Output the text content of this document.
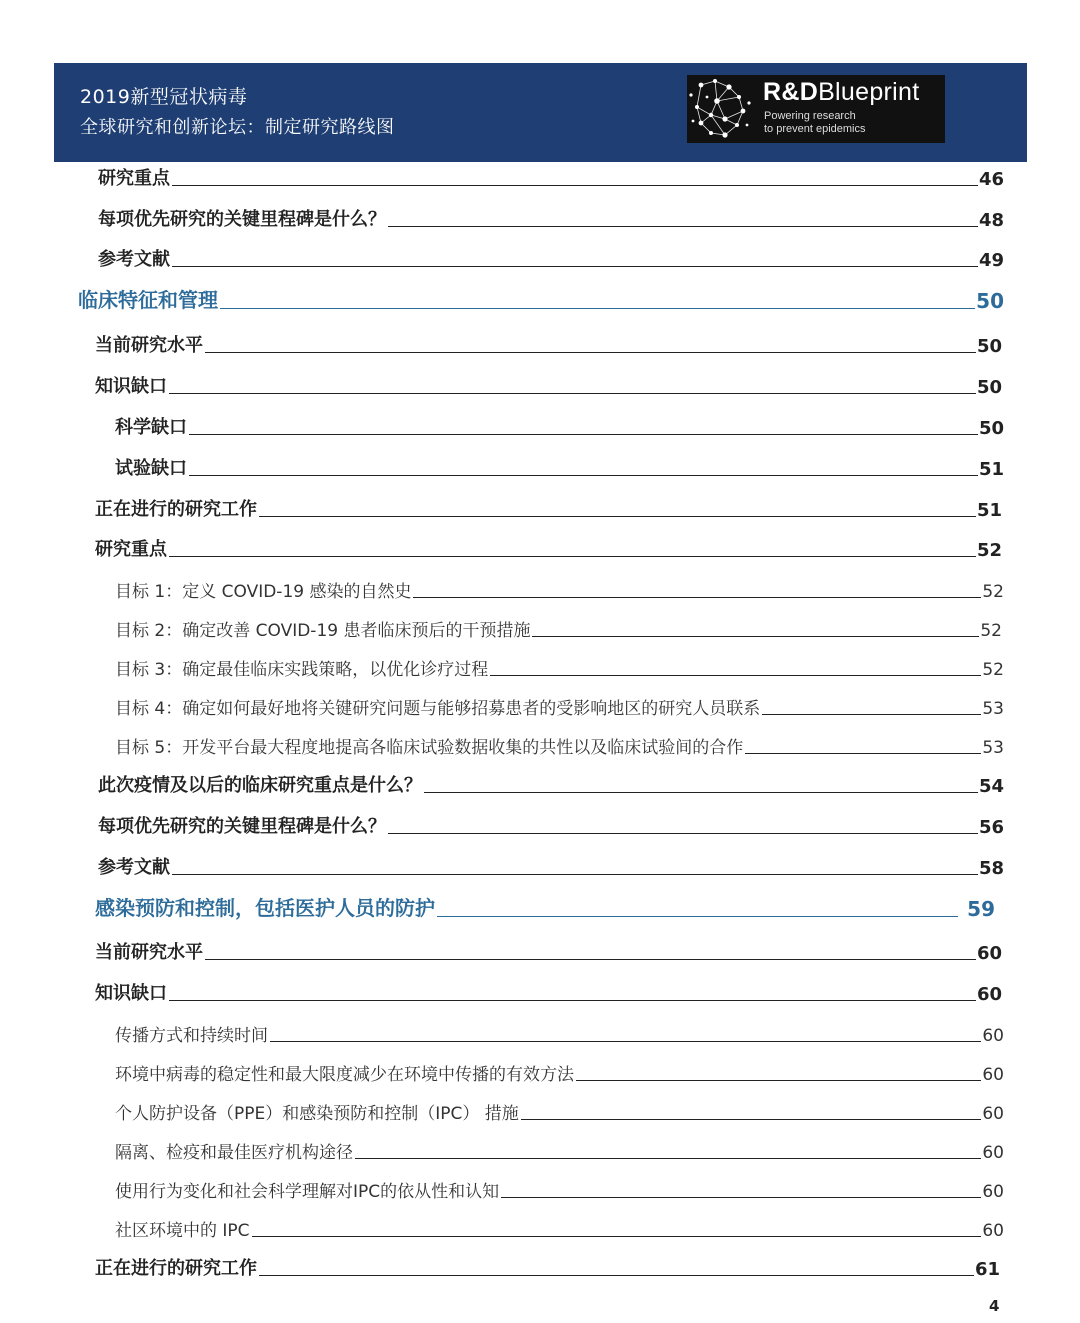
2019新型冠状病毒
全球研究和创新论坛：制定研究路线图
R&DBlueprint
Powering research
to prevent epidemics
研究重点	46
每项优先研究的关键里程碑是什么？	48
参考文献	49
临床特征和管理	50
当前研究水平	50
知识缺口	50
科学缺口	50
试验缺口	51
正在进行的研究工作	51
研究重点	52
目标 1：定义 COVID-19 感染的自然史	52
目标 2：确定改善 COVID-19 患者临床预后的干预措施	52
目标 3：确定最佳临床实践策略，以优化诊疗过程	52
目标 4：确定如何最好地将关键研究问题与能够招募患者的受影响地区的研究人员联系	53
目标 5：开发平台最大程度地提高各临床试验数据收集的共性以及临床试验间的合作	53
此次疫情及以后的临床研究重点是什么？	54
每项优先研究的关键里程碑是什么？	56
参考文献	58
感染预防和控制，包括医护人员的防护	59
当前研究水平	60
知识缺口	60
传播方式和持续时间	60
环境中病毒的稳定性和最大限度减少在环境中传播的有效方法	60
个人防护设备（PPE）和感染预防和控制（IPC） 措施	60
隔离、检疫和最佳医疗机构途径	60
使用行为变化和社会科学理解对IPC的依从性和认知	60
社区环境中的 IPC	60
正在进行的研究工作	61
4
